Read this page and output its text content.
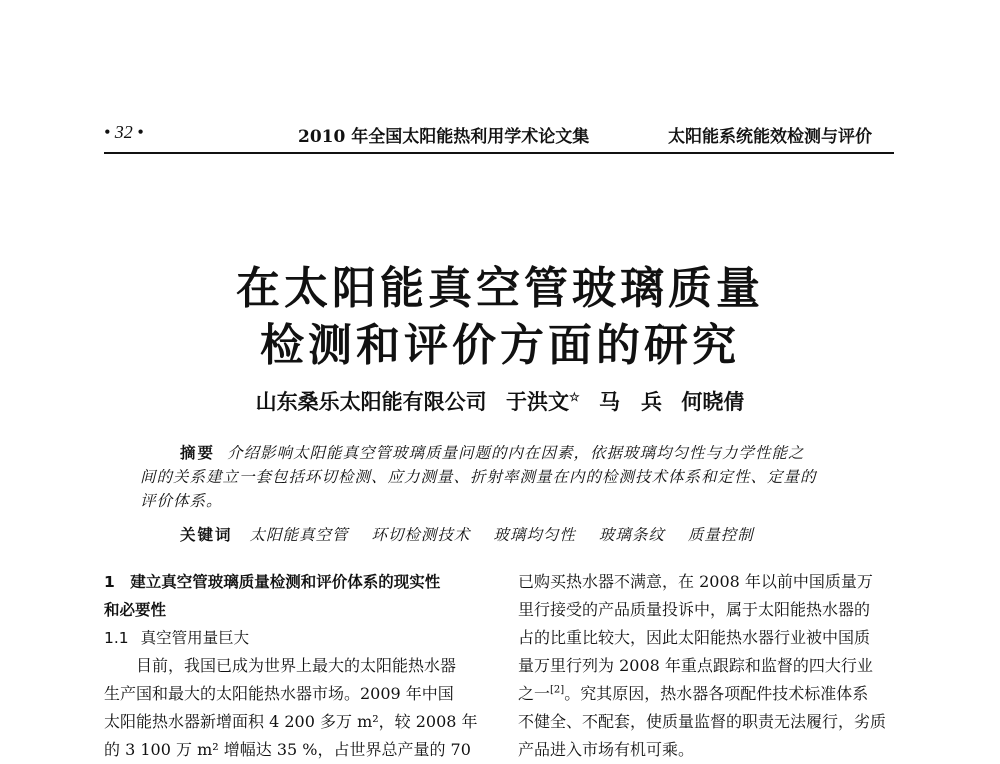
• 32 •	2010 年全国太阳能热利用学术论文集	太阳能系统能效检测与评价
在太阳能真空管玻璃质量
检测和评价方面的研究
山东桑乐太阳能有限公司 于洪文☆ 马　兵 何晓倩
摘要 介绍影响太阳能真空管玻璃质量问题的内在因素，依据玻璃均匀性与力学性能之
间的关系建立一套包括环切检测、应力测量、折射率测量在内的检测技术体系和定性、定量的
评价体系。
关键词 太阳能真空管 环切检测技术 玻璃均匀性 玻璃条纹 质量控制
1　建立真空管玻璃质量检测和评价体系的现实性
和必要性
1.1 真空管用量巨大
　　目前，我国已成为世界上最大的太阳能热水器
生产国和最大的太阳能热水器市场。2009 年中国
太阳能热水器新增面积 4 200 多万 m²，较 2008 年
的 3 100 万 m² 增幅达 35 %，占世界总产量的 70
已购买热水器不满意，在 2008 年以前中国质量万
里行接受的产品质量投诉中，属于太阳能热水器的
占的比重比较大，因此太阳能热水器行业被中国质
量万里行列为 2008 年重点跟踪和监督的四大行业
之一[2]。究其原因，热水器各项配件技术标准体系
不健全、不配套，使质量监督的职责无法履行，劣质
产品进入市场有机可乘。
